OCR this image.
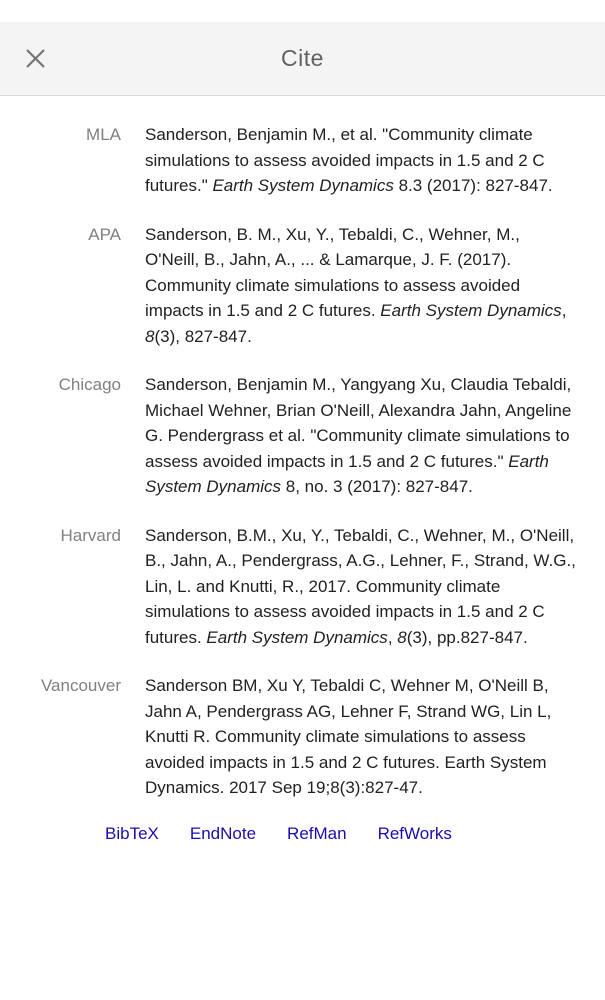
Cite
MLA Sanderson, Benjamin M., et al. "Community climate simulations to assess avoided impacts in 1.5 and 2 C futures." Earth System Dynamics 8.3 (2017): 827-847.
APA Sanderson, B. M., Xu, Y., Tebaldi, C., Wehner, M., O'Neill, B., Jahn, A., ... & Lamarque, J. F. (2017). Community climate simulations to assess avoided impacts in 1.5 and 2 C futures. Earth System Dynamics, 8(3), 827-847.
Chicago Sanderson, Benjamin M., Yangyang Xu, Claudia Tebaldi, Michael Wehner, Brian O'Neill, Alexandra Jahn, Angeline G. Pendergrass et al. "Community climate simulations to assess avoided impacts in 1.5 and 2 C futures." Earth System Dynamics 8, no. 3 (2017): 827-847.
Harvard Sanderson, B.M., Xu, Y., Tebaldi, C., Wehner, M., O'Neill, B., Jahn, A., Pendergrass, A.G., Lehner, F., Strand, W.G., Lin, L. and Knutti, R., 2017. Community climate simulations to assess avoided impacts in 1.5 and 2 C futures. Earth System Dynamics, 8(3), pp.827-847.
Vancouver Sanderson BM, Xu Y, Tebaldi C, Wehner M, O'Neill B, Jahn A, Pendergrass AG, Lehner F, Strand WG, Lin L, Knutti R. Community climate simulations to assess avoided impacts in 1.5 and 2 C futures. Earth System Dynamics. 2017 Sep 19;8(3):827-47.
BibTeX EndNote RefMan RefWorks
